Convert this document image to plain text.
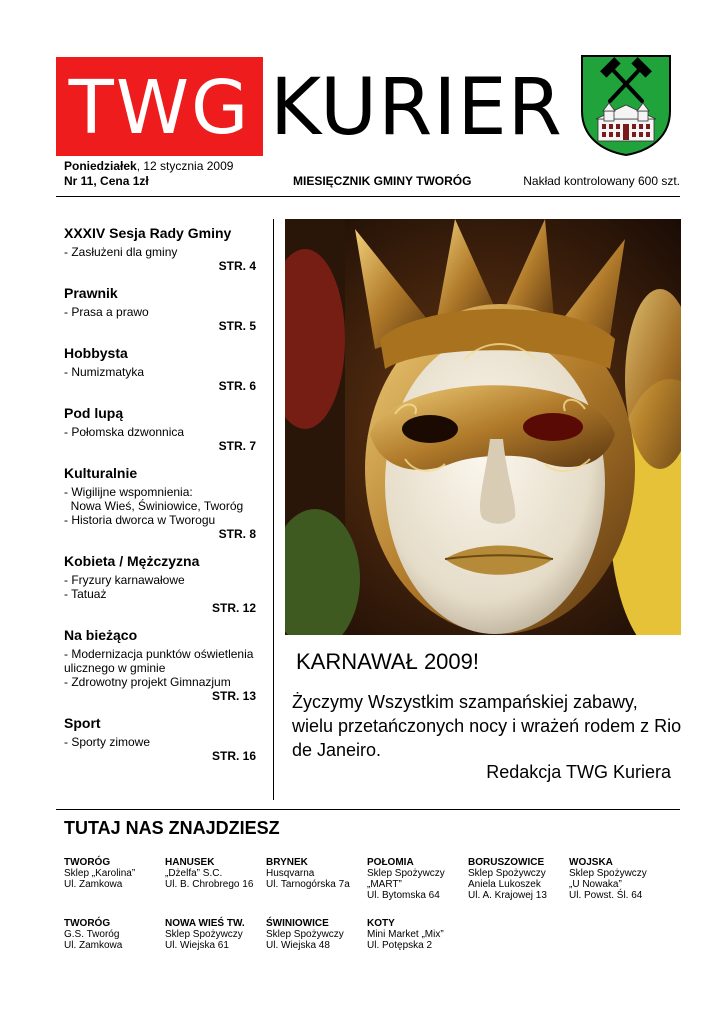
TWG KURIER
Poniedziałek, 12 stycznia 2009
Nr 11, Cena 1zł	MIESIĘCZNIK GMINY TWORÓG	Nakład kontrolowany 600 szt.
XXXIV Sesja Rady Gminy
- Zasłużeni dla gminy
STR. 4
Prawnik
- Prasa a prawo
STR. 5
Hobbysta
- Numizmatyka
STR. 6
Pod lupą
- Połomska dzwonnica
STR. 7
Kulturalnie
- Wigilijne wspomnienia:
Nowa Wieś, Świniowice, Tworóg
- Historia dworca w Tworogu
STR. 8
Kobieta / Mężczyzna
- Fryzury karnawałowe
- Tatuaż
STR. 12
Na bieżąco
- Modernizacja punktów oświetlenia ulicznego w gminie
- Zdrowotny projekt Gimnazjum
STR. 13
Sport
- Sporty zimowe
STR. 16
KARNAWAŁ 2009!
Życzymy Wszystkim szampańskiej zabawy, wielu przetańczonych nocy i wrażeń rodem z Rio de Janeiro.
Redakcja TWG Kuriera
TUTAJ NAS ZNAJDZIESZ
TWORÓG
Sklep „Karolina”
Ul. Zamkowa
HANUSEK
„Dżelfa” S.C.
Ul. B. Chrobrego 16
BRYNEK
Husqvarna
Ul. Tarnogórska 7a
POŁOMIA
Sklep Spożywczy
„MART”
Ul. Bytomska 64
BORUSZOWICE
Sklep Spożywczy
Aniela Lukoszek
Ul. A. Krajowej 13
WOJSKA
Sklep Spożywczy
„U Nowaka”
Ul. Powst. Śl. 64
TWORÓG
G.S. Tworóg
Ul. Zamkowa
NOWA WIEŚ TW.
Sklep Spożywczy
Ul. Wiejska 61
ŚWINIOWICE
Sklep Spożywczy
Ul. Wiejska 48
KOTY
Mini Market „Mix”
Ul. Potępska 2
